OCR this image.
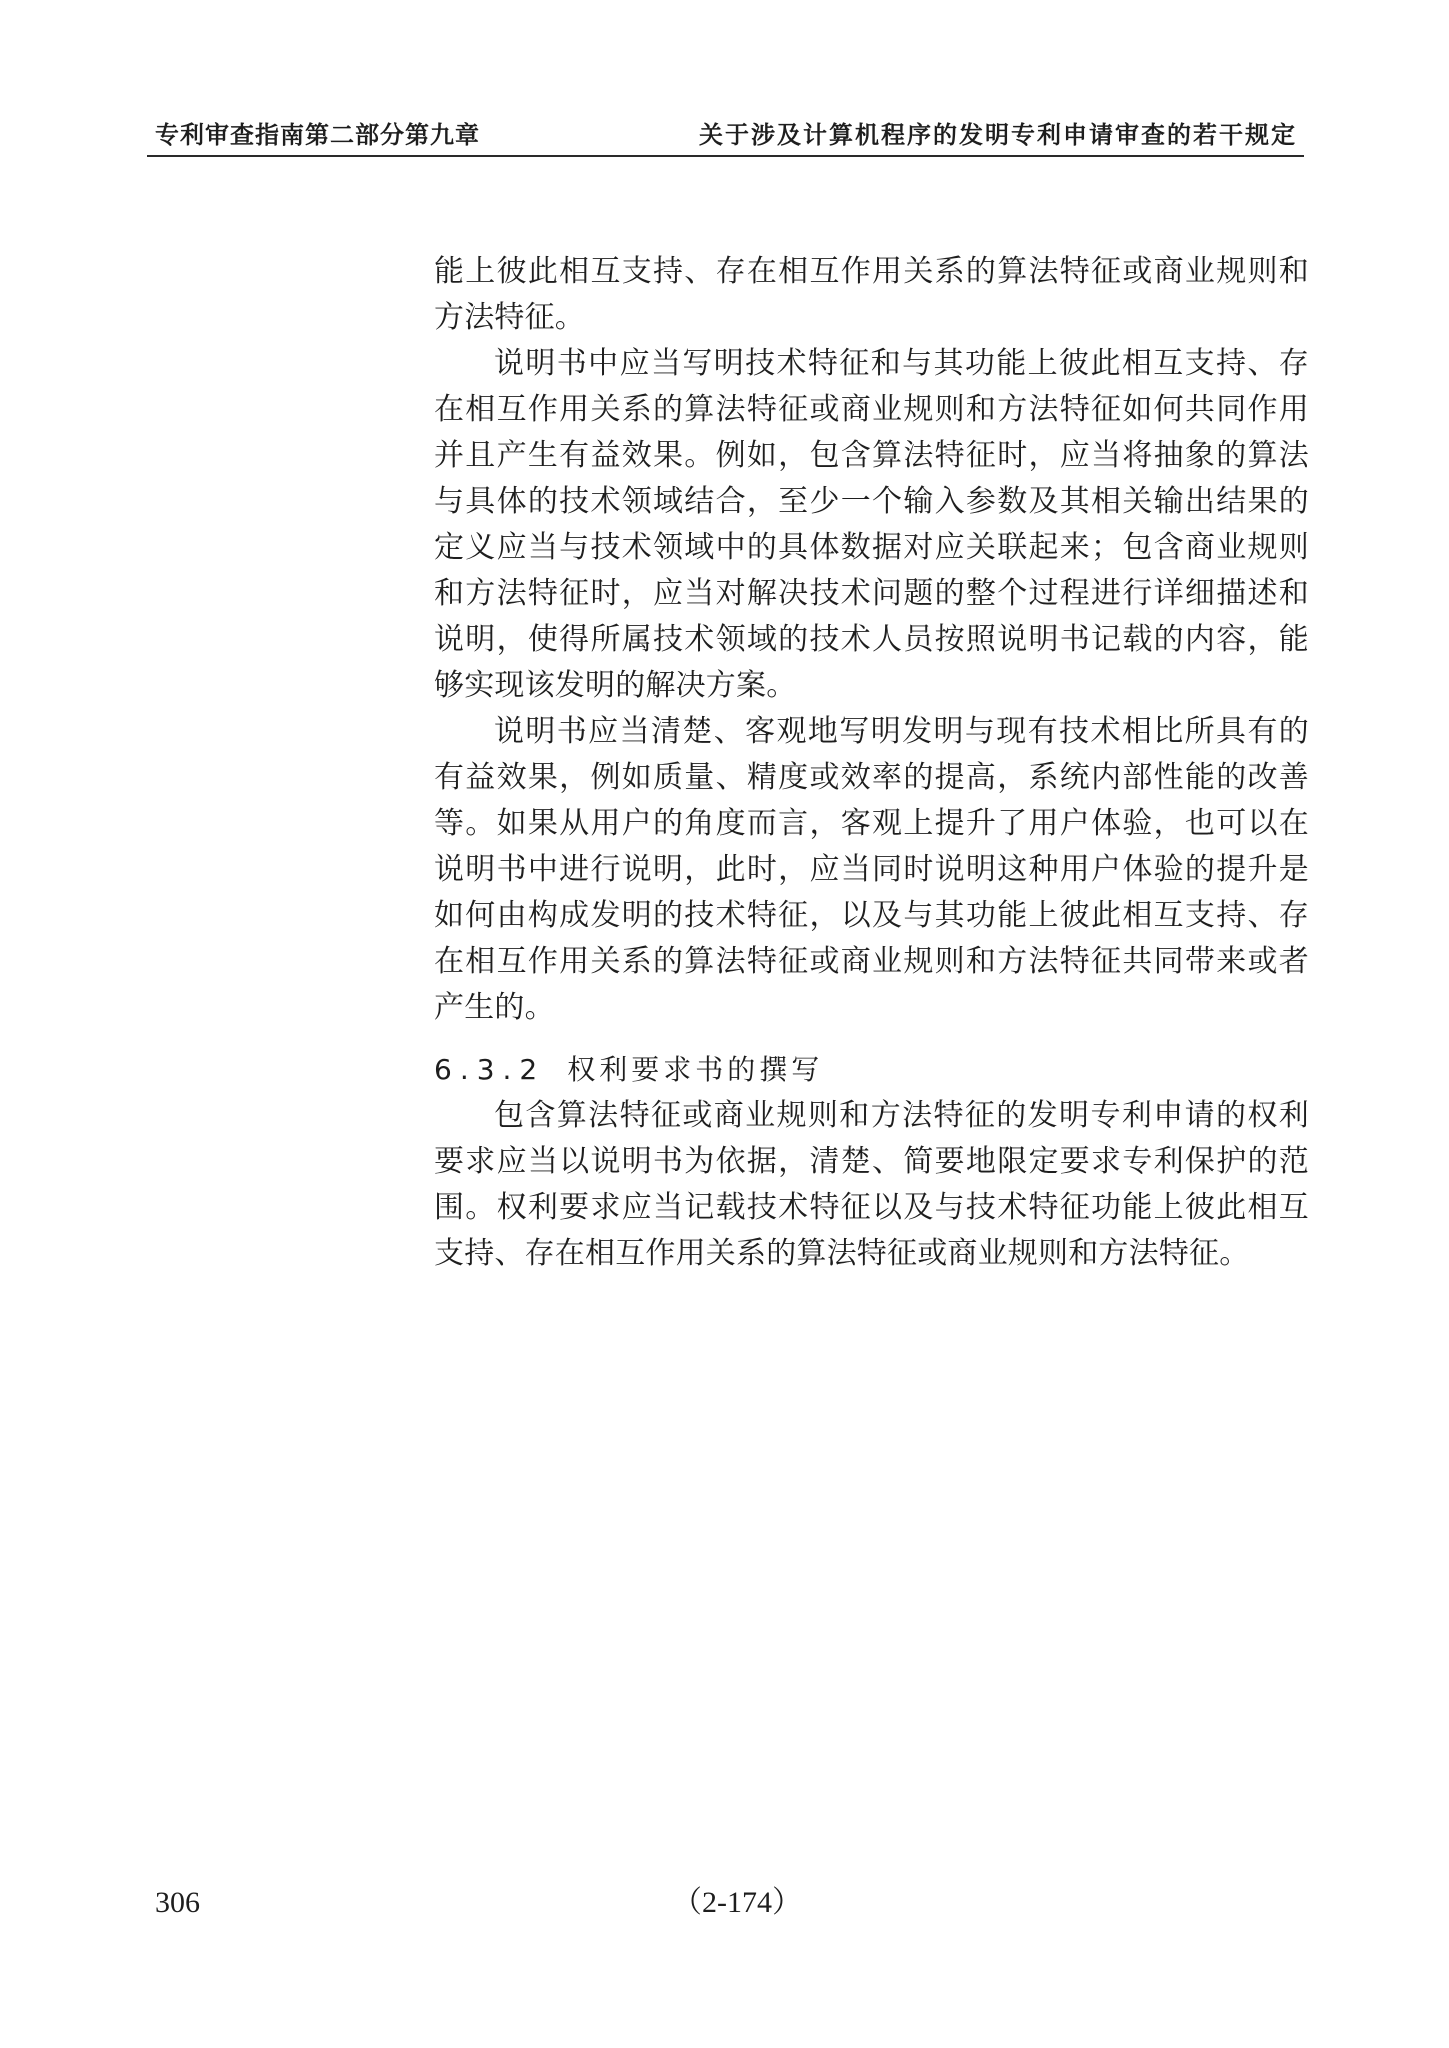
专利审查指南第二部分第九章	关于涉及计算机程序的发明专利申请审查的若干规定

能上彼此相互支持、存在相互作用关系的算法特征或商业规则和方法特征。

说明书中应当写明技术特征和与其功能上彼此相互支持、存在相互作用关系的算法特征或商业规则和方法特征如何共同作用并且产生有益效果。例如，包含算法特征时，应当将抽象的算法与具体的技术领域结合，至少一个输入参数及其相关输出结果的定义应当与技术领域中的具体数据对应关联起来；包含商业规则和方法特征时，应当对解决技术问题的整个过程进行详细描述和说明，使得所属技术领域的技术人员按照说明书记载的内容，能够实现该发明的解决方案。

说明书应当清楚、客观地写明发明与现有技术相比所具有的有益效果，例如质量、精度或效率的提高，系统内部性能的改善等。如果从用户的角度而言，客观上提升了用户体验，也可以在说明书中进行说明，此时，应当同时说明这种用户体验的提升是如何由构成发明的技术特征，以及与其功能上彼此相互支持、存在相互作用关系的算法特征或商业规则和方法特征共同带来或者产生的。

6.3.2 权利要求书的撰写

包含算法特征或商业规则和方法特征的发明专利申请的权利要求应当以说明书为依据，清楚、简要地限定要求专利保护的范围。权利要求应当记载技术特征以及与技术特征功能上彼此相互支持、存在相互作用关系的算法特征或商业规则和方法特征。

306	（2-174）
